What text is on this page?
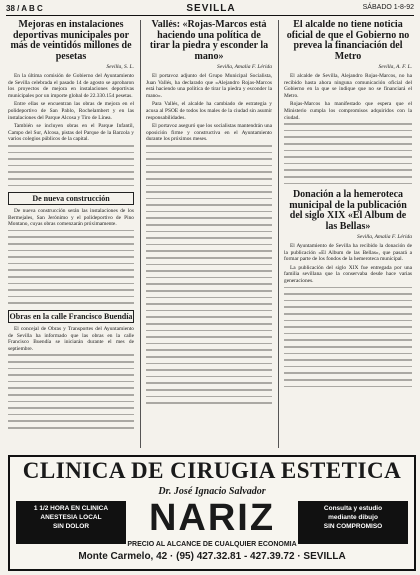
38 / A B C	SEVILLA	SÁBADO 1-8-92
Mejoras en instalaciones deportivas municipales por más de veintidós millones de pesetas
Sevilla, S. L.

En la última comisión de Gobierno del Ayuntamiento de Sevilla celebrada el pasado 14 de agosto se aprobaron los proyectos de mejora en instalaciones deportivas municipales por un importe global de 22.330.154 pesetas.

Entre ellas se encuentran las obras de mejora en el polideportivo de San Pablo, Rochelambert y en las instalaciones del Parque Alcosa y Tiro de Línea.

También se incluyen obras en el Parque Infantil, Campo del Sur, Alcosa, pistas del Parque de la Barzola y varios colegios públicos de la capital.

De nueva construcción

De nueva construcción serán las instalaciones de los Bermejales, San Jerónimo y el polideportivo de Pino Montano, cuyas obras comenzarán próximamente.

Obras en la calle Francisco Buendía

El concejal de Obras y Transportes del Ayuntamiento de Sevilla ha informado que las obras en la calle Francisco Buendía se iniciarán durante el mes de septiembre.

Vallés: «Rojas-Marcos está haciendo una política de tirar la piedra y esconder la mano»
Sevilla, Amalia F. Lérida

El portavoz adjunto del Grupo Municipal Socialista, Juan Vallés, ha declarado que «Alejandro Rojas-Marcos está haciendo una política de tirar la piedra y esconder la mano».

Para Vallés, el alcalde ha cambiado de estrategia y acusa al PSOE de todos los males de la ciudad sin asumir responsabilidades.

El portavoz aseguró que los socialistas mantendrán una oposición firme y constructiva en el Ayuntamiento durante los próximos meses.

El alcalde no tiene noticia oficial de que el Gobierno no preveа la financiación del Metro
Sevilla, A. F. L.

El alcalde de Sevilla, Alejandro Rojas-Marcos, no ha recibido hasta ahora ninguna comunicación oficial del Gobierno en la que se indique que no se financiará el Metro.

Rojas-Marcos ha manifestado que espera que el Ministerio cumpla los compromisos adquiridos con la ciudad.

Donación a la hemeroteca municipal de la publicación del siglo XIX «El Album de las Bellas»
Sevilla, Amalia F. Lérida

El Ayuntamiento de Sevilla ha recibido la donación de la publicación «El Album de las Bellas», que pasará a formar parte de los fondos de la hemeroteca municipal.

La publicación del siglo XIX fue entregada por una familia sevillana que la conservaba desde hace varias generaciones.

CLINICA DE CIRUGIA ESTETICA
Dr. José Ignacio Salvador
1 1/2 HORA EN CLINICA
ANESTESIA LOCAL
SIN DOLOR	NARIZ	Consulta y estudio
mediante dibujo
SIN COMPROMISO
PRECIO AL ALCANCE DE CUALQUIER ECONOMIA
Monte Carmelo, 42 · (95) 427.32.81 - 427.39.72 · SEVILLA
